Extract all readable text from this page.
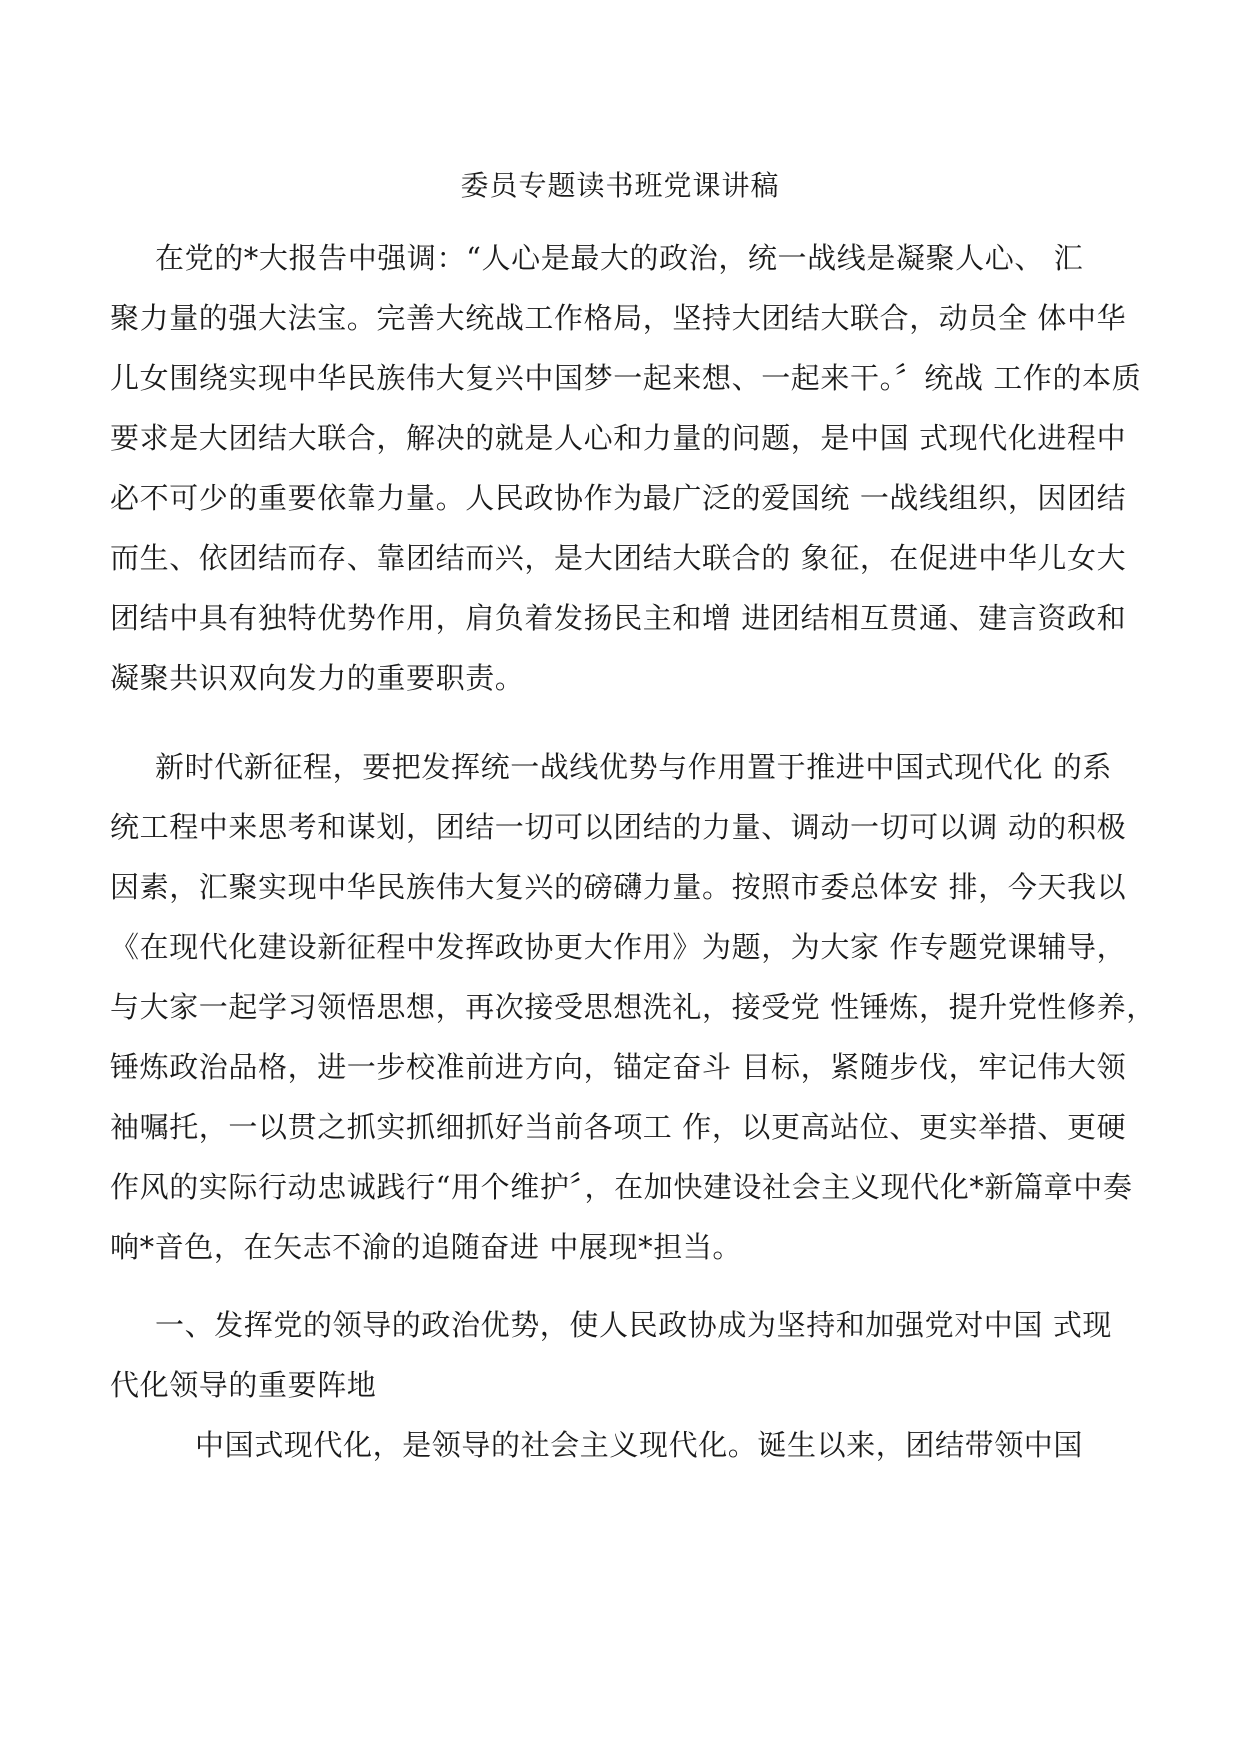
委员专题读书班党课讲稿
在党的*大报告中强调：“人心是最大的政治，统一战线是凝聚人心、 汇
聚力量的强大法宝。完善大统战工作格局，坚持大团结大联合，动员全 体中华
儿女围绕实现中华民族伟大复兴中国梦一起来想、一起来干。〞统战 工作的本质
要求是大团结大联合，解决的就是人心和力量的问题，是中国 式现代化进程中
必不可少的重要依靠力量。人民政协作为最广泛的爱国统 一战线组织，因团结
而生、依团结而存、靠团结而兴，是大团结大联合的 象征，在促进中华儿女大
团结中具有独特优势作用，肩负着发扬民主和增 进团结相互贯通、建言资政和
凝聚共识双向发力的重要职责。
新时代新征程，要把发挥统一战线优势与作用置于推进中国式现代化 的系
统工程中来思考和谋划，团结一切可以团结的力量、调动一切可以调 动的积极
因素，汇聚实现中华民族伟大复兴的磅礴力量。按照市委总体安 排，今天我以
《在现代化建设新征程中发挥政协更大作用》为题，为大家 作专题党课辅导，
与大家一起学习领悟思想，再次接受思想洗礼，接受党 性锤炼，提升党性修养，
锤炼政治品格，进一步校准前进方向，锚定奋斗 目标，紧随步伐，牢记伟大领
袖嘱托，一以贯之抓实抓细抓好当前各项工 作，以更高站位、更实举措、更硬
作风的实际行动忠诚践行“用个维护〞，在加快建设社会主义现代化*新篇章中奏
响*音色，在矢志不渝的追随奋进 中展现*担当。
一、发挥党的领导的政治优势，使人民政协成为坚持和加强党对中国 式现
代化领导的重要阵地
中国式现代化，是领导的社会主义现代化。诞生以来，团结带领中国
